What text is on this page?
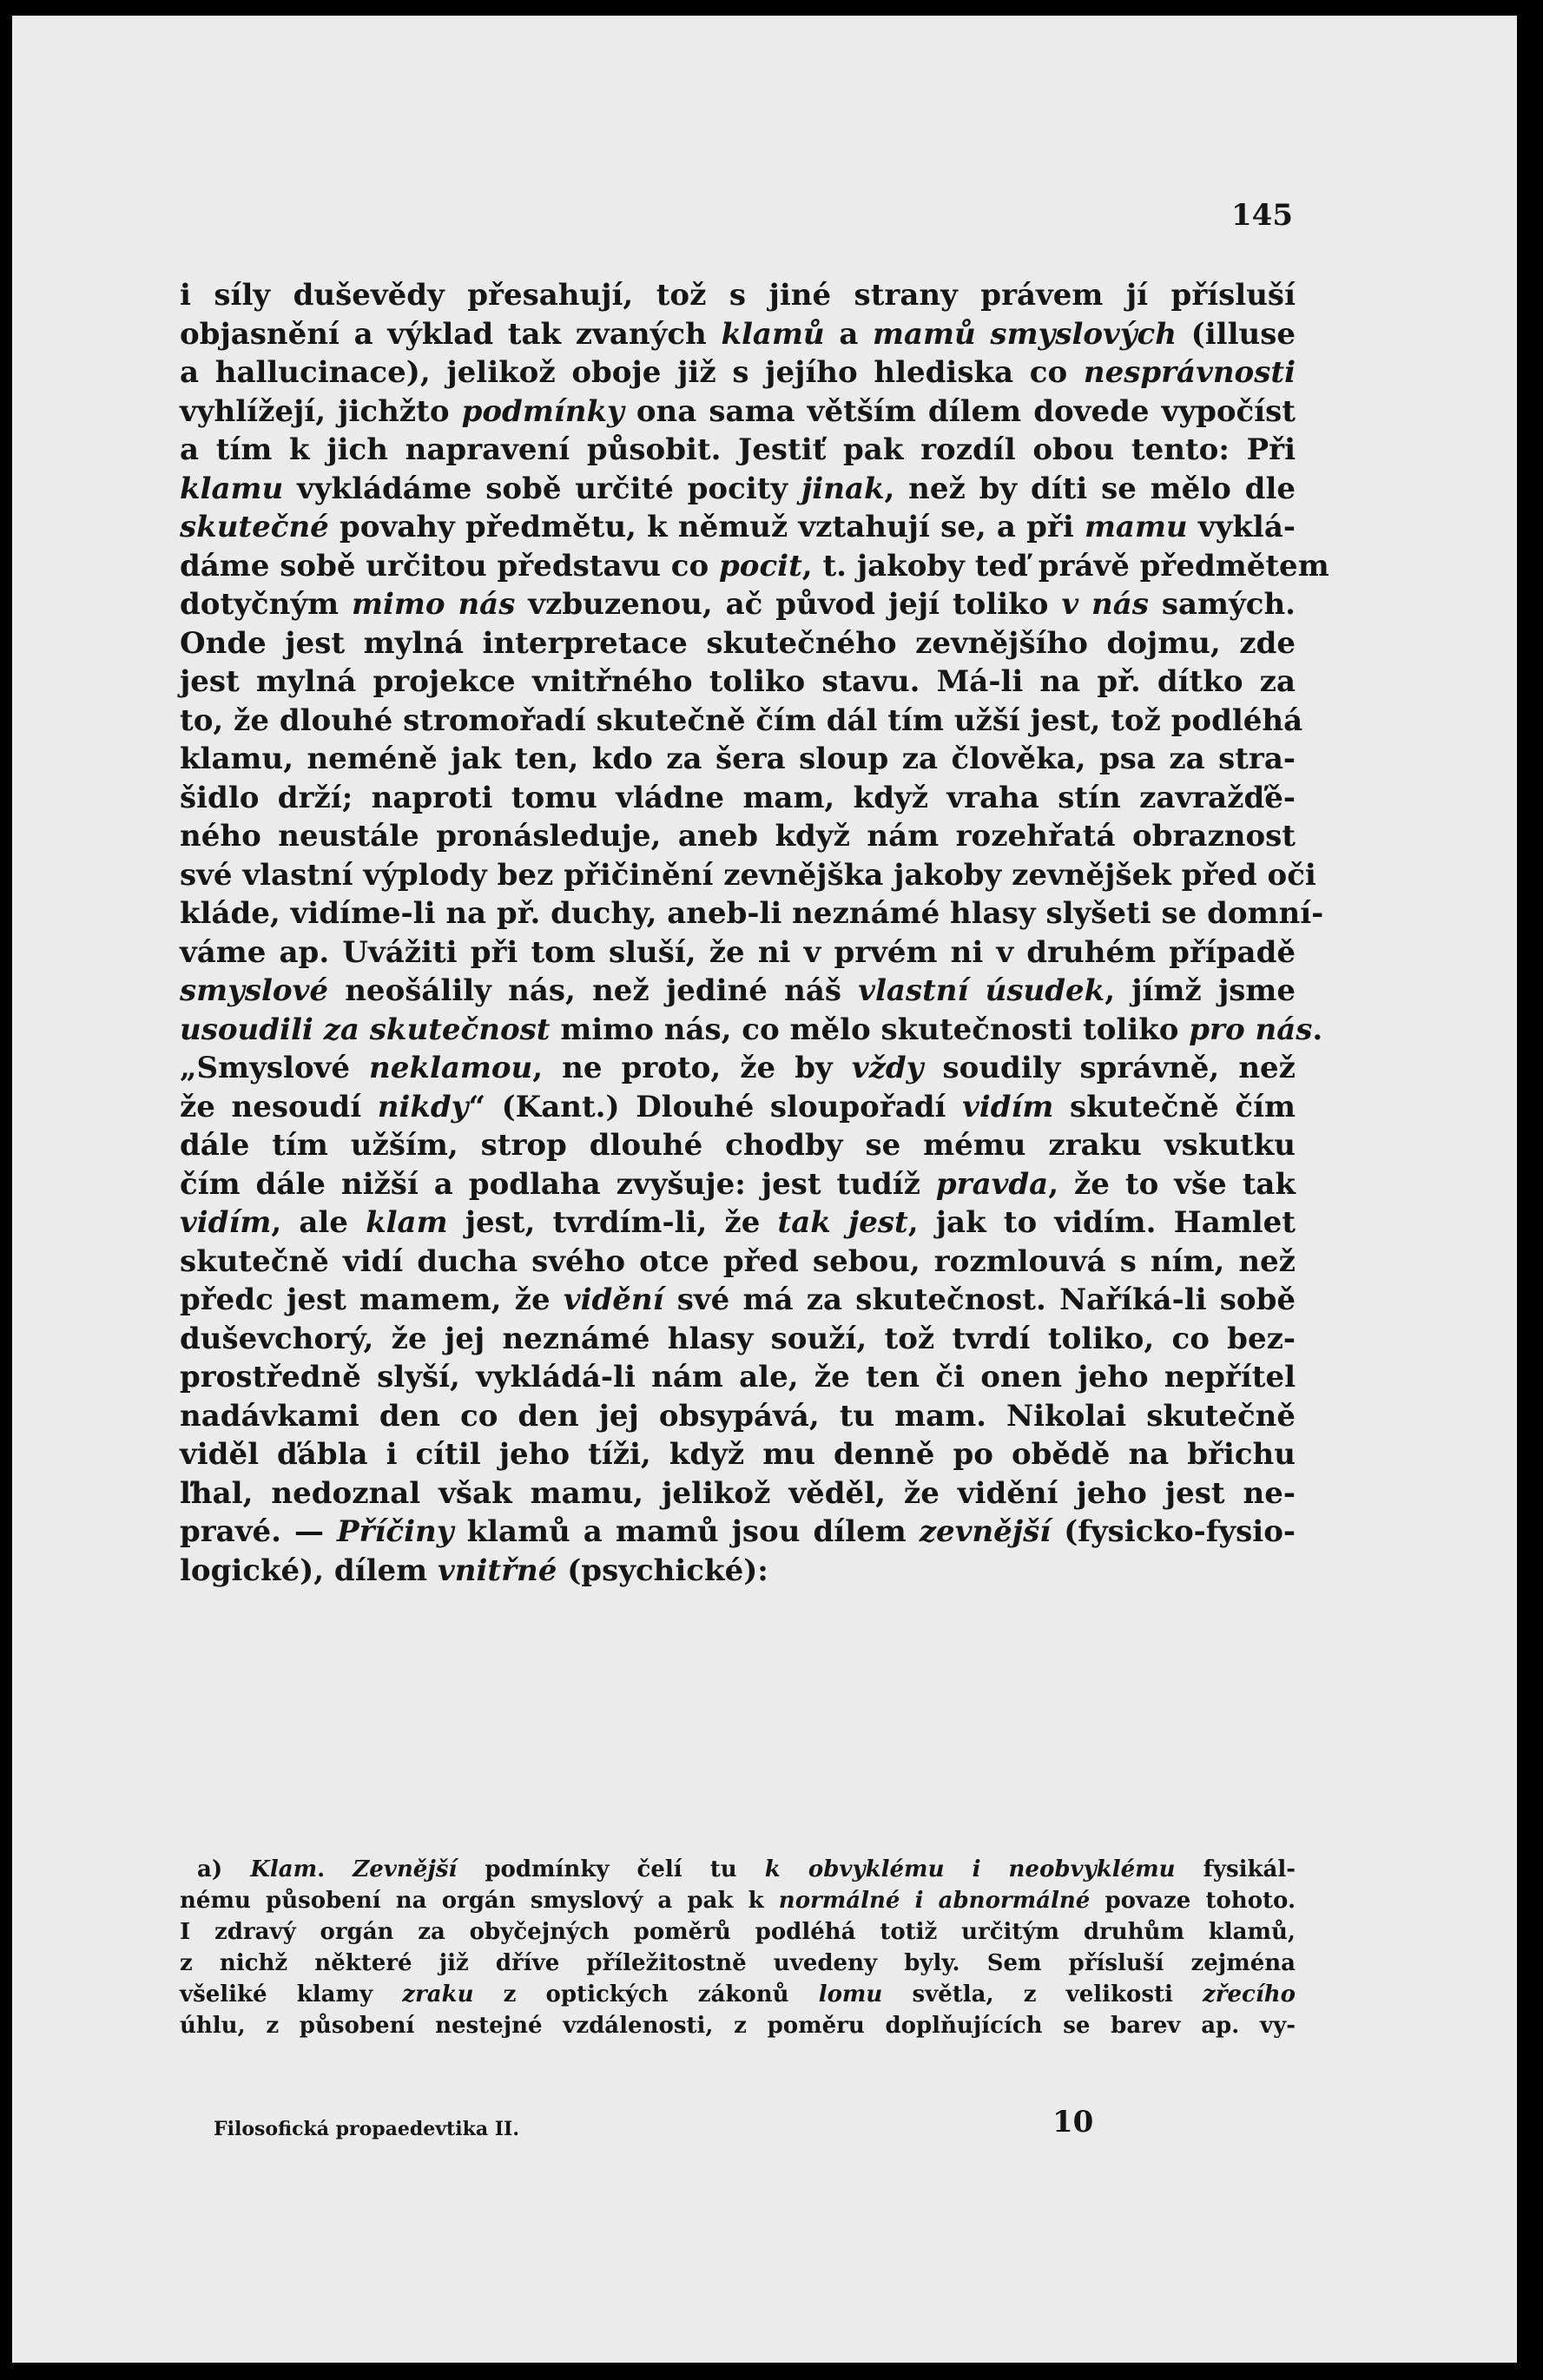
145
i síly duševědy přesahují, tož s jiné strany právem jí přísluší
objasnění a výklad tak zvaných klamů a mamů smyslových (illuse
a hallucinace), jelikož oboje již s jejího hlediska co nesprávnosti
vyhlížejí, jichžto podmínky ona sama větším dílem dovede vypočíst
a tím k jich napravení působit. Jestiť pak rozdíl obou tento: Při
klamu vykládáme sobě určité pocity jinak, než by díti se mělo dle
skutečné povahy předmětu, k němuž vztahují se, a při mamu vyklá-
dáme sobě určitou představu co pocit, t. jakoby teď právě předmětem
dotyčným mimo nás vzbuzenou, ač původ její toliko v nás samých.
Onde jest mylná interpretace skutečného zevnějšího dojmu, zde
jest mylná projekce vnitřného toliko stavu. Má-li na př. dítko za
to, že dlouhé stromořadí skutečně čím dál tím užší jest, tož podléhá
klamu, neméně jak ten, kdo za šera sloup za člověka, psa za stra-
šidlo drží; naproti tomu vládne mam, když vraha stín zavražďě-
ného neustále pronásleduje, aneb když nám rozehřatá obraznost
své vlastní výplody bez přičinění zevnějška jakoby zevnějšek před oči
kláde, vidíme-li na př. duchy, aneb-li neznámé hlasy slyšeti se domní-
váme ap. Uvážiti při tom sluší, že ni v prvém ni v druhém případě
smyslové neošálily nás, než jediné náš vlastní úsudek, jímž jsme
usoudili za skutečnost mimo nás, co mělo skutečnosti toliko pro nás.
„Smyslové neklamou, ne proto, že by vždy soudily správně, než
že nesoudí nikdy“ (Kant.) Dlouhé sloupořadí vidím skutečně čím
dále tím užším, strop dlouhé chodby se mému zraku vskutku
čím dále nižší a podlaha zvyšuje: jest tudíž pravda, že to vše tak
vidím, ale klam jest, tvrdím-li, že tak jest, jak to vidím. Hamlet
skutečně vidí ducha svého otce před sebou, rozmlouvá s ním, než
předc jest mamem, že vidění své má za skutečnost. Naříká-li sobě
duševchorý, že jej neznámé hlasy souží, tož tvrdí toliko, co bez-
prostředně slyší, vykládá-li nám ale, že ten či onen jeho nepřítel
nadávkami den co den jej obsypává, tu mam. Nikolai skutečně
viděl ďábla i cítil jeho tíži, když mu denně po obědě na břichu
ľhal, nedoznal však mamu, jelikož věděl, že vidění jeho jest ne-
pravé. — Příčiny klamů a mamů jsou dílem zevnější (fysicko-fysio-
logické), dílem vnitřné (psychické):
a) Klam. Zevnější podmínky čelí tu k obvyklému i neobvyklému fysikál-
nému působení na orgán smyslový a pak k normálné i abnormálné povaze tohoto.
I zdravý orgán za obyčejných poměrů podléhá totiž určitým druhům klamů,
z nichž některé již dříve příležitostně uvedeny byly. Sem přísluší zejména
všeliké klamy zraku z optických zákonů lomu světla, z velikosti zřecího
úhlu, z působení nestejné vzdálenosti, z poměru doplňujících se barev ap. vy-
Filosofická propaedevtika II.	10
